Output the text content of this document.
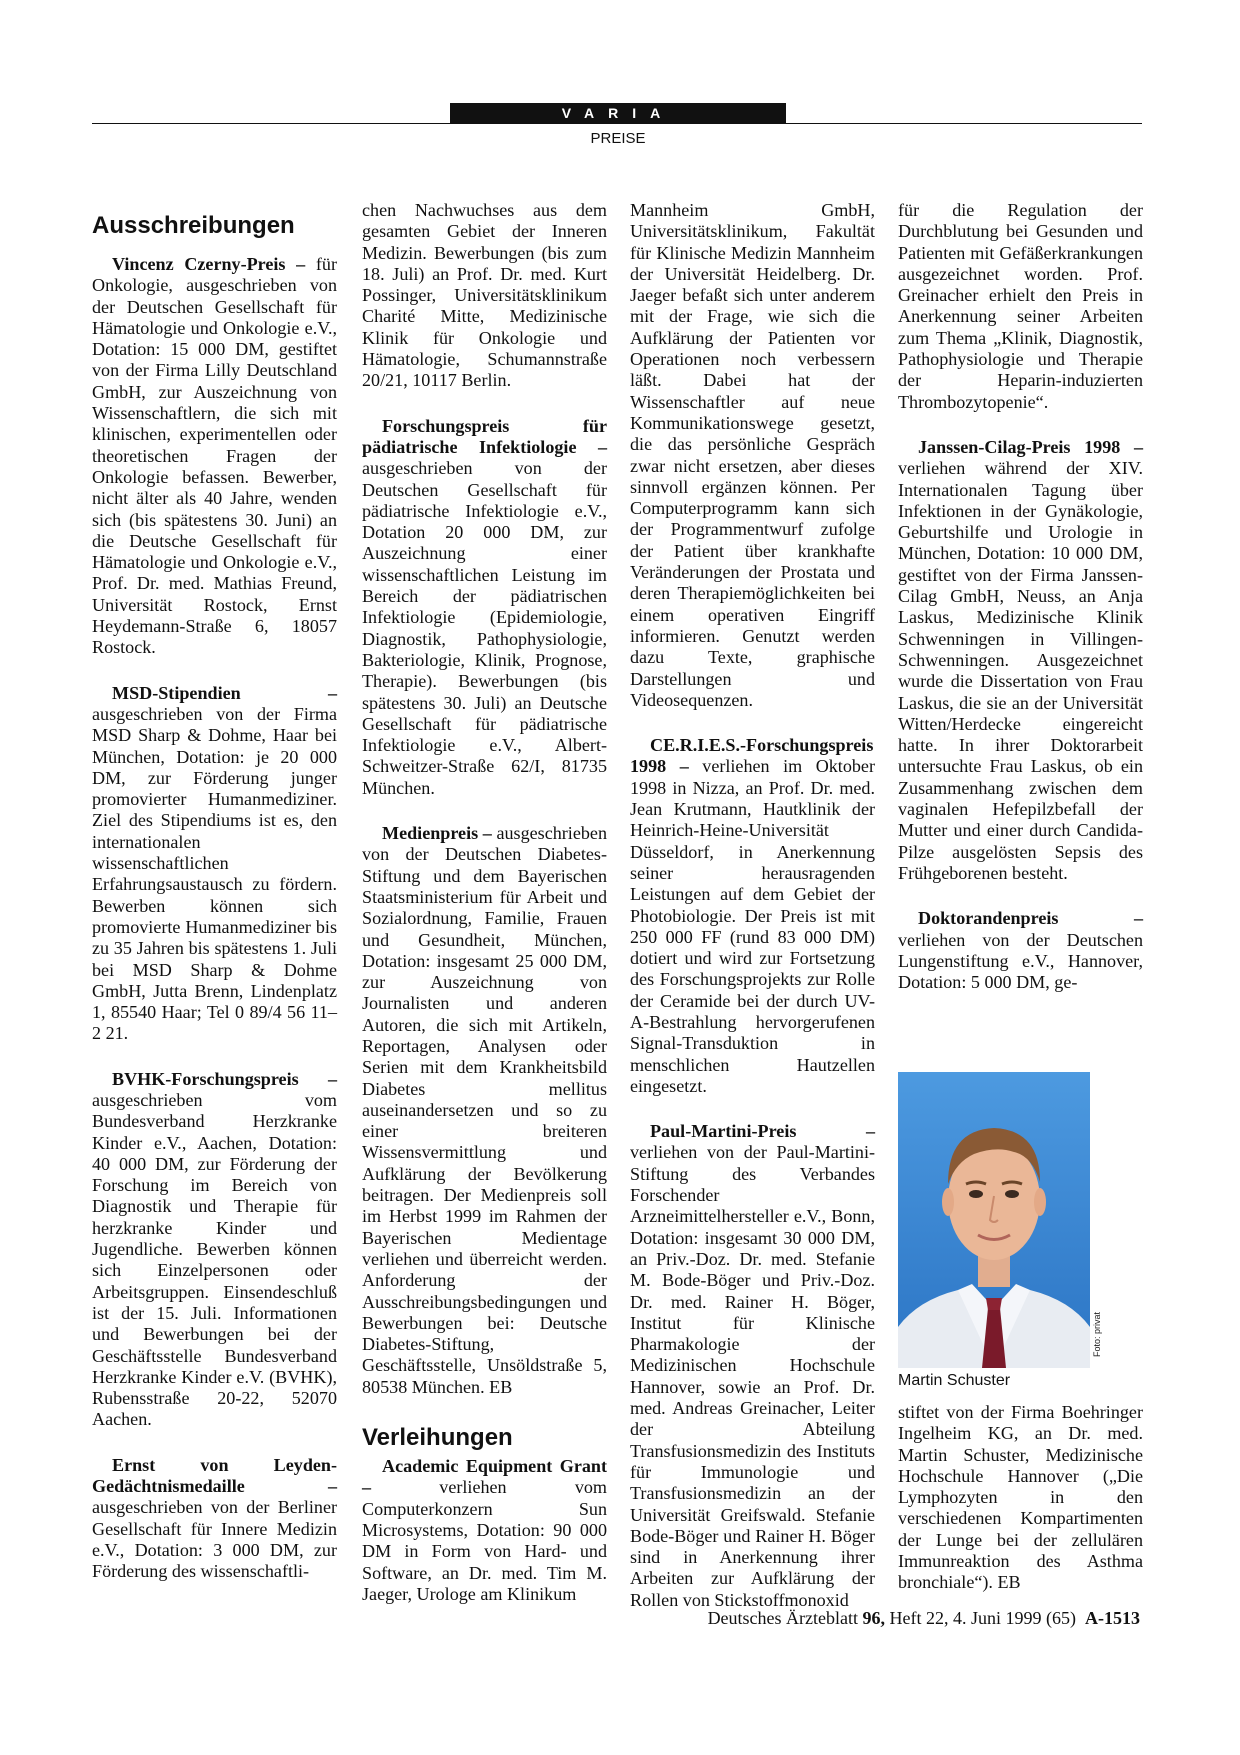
VARIA
PREISE
Ausschreibungen

Vincenz Czerny-Preis – für Onkologie, ausgeschrieben von der Deutschen Gesellschaft für Hämatologie und Onkologie e.V., Dotation: 15 000 DM, gestiftet von der Firma Lilly Deutschland GmbH, zur Auszeichnung von Wissenschaftlern, die sich mit klinischen, experimentellen oder theoretischen Fragen der Onkologie befassen. Bewerber, nicht älter als 40 Jahre, wenden sich (bis spätestens 30. Juni) an die Deutsche Gesellschaft für Hämatologie und Onkologie e.V., Prof. Dr. med. Mathias Freund, Universität Rostock, Ernst Heydemann-Straße 6, 18057 Rostock.

MSD-Stipendien – ausgeschrieben von der Firma MSD Sharp & Dohme, Haar bei München, Dotation: je 20 000 DM, zur Förderung junger promovierter Humanmediziner. Ziel des Stipendiums ist es, den internationalen wissenschaftlichen Erfahrungsaustausch zu fördern. Bewerben können sich promovierte Humanmediziner bis zu 35 Jahren bis spätestens 1. Juli bei MSD Sharp & Dohme GmbH, Jutta Brenn, Lindenplatz 1, 85540 Haar; Tel 0 89/4 56 11–2 21.

BVHK-Forschungspreis – ausgeschrieben vom Bundesverband Herzkranke Kinder e.V., Aachen, Dotation: 40 000 DM, zur Förderung der Forschung im Bereich von Diagnostik und Therapie für herzkranke Kinder und Jugendliche. Bewerben können sich Einzelpersonen oder Arbeitsgruppen. Einsendeschluß ist der 15. Juli. Informationen und Bewerbungen bei der Geschäftsstelle Bundesverband Herzkranke Kinder e.V. (BVHK), Rubensstraße 20-22, 52070 Aachen.

Ernst von Leyden-Gedächtnismedaille – ausgeschrieben von der Berliner Gesellschaft für Innere Medizin e.V., Dotation: 3 000 DM, zur Förderung des wissenschaftli-

chen Nachwuchses aus dem gesamten Gebiet der Inneren Medizin. Bewerbungen (bis zum 18. Juli) an Prof. Dr. med. Kurt Possinger, Universitätsklinikum Charité Mitte, Medizinische Klinik für Onkologie und Hämatologie, Schumannstraße 20/21, 10117 Berlin.

Forschungspreis für pädiatrische Infektiologie – ausgeschrieben von der Deutschen Gesellschaft für pädiatrische Infektiologie e.V., Dotation 20 000 DM, zur Auszeichnung einer wissenschaftlichen Leistung im Bereich der pädiatrischen Infektiologie (Epidemiologie, Diagnostik, Pathophysiologie, Bakteriologie, Klinik, Prognose, Therapie). Bewerbungen (bis spätestens 30. Juli) an Deutsche Gesellschaft für pädiatrische Infektiologie e.V., Albert-Schweitzer-Straße 62/I, 81735 München.

Medienpreis – ausgeschrieben von der Deutschen Diabetes-Stiftung und dem Bayerischen Staatsministerium für Arbeit und Sozialordnung, Familie, Frauen und Gesundheit, München, Dotation: insgesamt 25 000 DM, zur Auszeichnung von Journalisten und anderen Autoren, die sich mit Artikeln, Reportagen, Analysen oder Serien mit dem Krankheitsbild Diabetes mellitus auseinandersetzen und so zu einer breiteren Wissensvermittlung und Aufklärung der Bevölkerung beitragen. Der Medienpreis soll im Herbst 1999 im Rahmen der Bayerischen Medientage verliehen und überreicht werden. Anforderung der Ausschreibungsbedingungen und Bewerbungen bei: Deutsche Diabetes-Stiftung, Geschäftsstelle, Unsöldstraße 5, 80538 München. EB

Verleihungen

Academic Equipment Grant –	verliehen vom Computerkonzern Sun Microsystems, Dotation: 90 000 DM in Form von Hard- und Software, an Dr. med. Tim M. Jaeger, Urologe am Klinikum

Mannheim GmbH, Universitätsklinikum, Fakultät für Klinische Medizin Mannheim der Universität Heidelberg. Dr. Jaeger befaßt sich unter anderem mit der Frage, wie sich die Aufklärung der Patienten vor Operationen noch verbessern läßt. Dabei hat der Wissenschaftler auf neue Kommunikationswege gesetzt, die das persönliche Gespräch zwar nicht ersetzen, aber dieses sinnvoll ergänzen können. Per Computerprogramm kann sich der Programmentwurf zufolge der Patient über krankhafte Veränderungen der Prostata und deren Therapiemöglichkeiten bei einem operativen Eingriff informieren. Genutzt werden dazu Texte, graphische Darstellungen und Videosequenzen.

CE.R.I.E.S.-Forschungspreis 1998 – verliehen im Oktober 1998 in Nizza, an Prof. Dr. med. Jean Krutmann, Hautklinik der Heinrich-Heine-Universität Düsseldorf, in Anerkennung seiner herausragenden Leistungen auf dem Gebiet der Photobiologie. Der Preis ist mit 250 000 FF (rund 83 000 DM) dotiert und wird zur Fortsetzung des Forschungsprojekts zur Rolle der Ceramide bei der durch UV-A-Bestrahlung hervorgerufenen Signal-Transduktion in menschlichen Hautzellen eingesetzt.

Paul-Martini-Preis – verliehen von der Paul-Martini-Stiftung des Verbandes Forschender Arzneimittelhersteller e.V., Bonn, Dotation: insgesamt 30 000 DM, an Priv.-Doz. Dr. med. Stefanie M. Bode-Böger und Priv.-Doz. Dr. med. Rainer H. Böger, Institut für Klinische Pharmakologie der Medizinischen Hochschule Hannover, sowie an Prof. Dr. med. Andreas Greinacher, Leiter der Abteilung Transfusionsmedizin des Instituts für Immunologie und Transfusionsmedizin an der Universität Greifswald. Stefanie Bode-Böger und Rainer H. Böger sind in Anerkennung ihrer Arbeiten zur Aufklärung der Rollen von Stickstoffmonoxid

für die Regulation der Durchblutung bei Gesunden und Patienten mit Gefäßerkrankungen ausgezeichnet worden. Prof. Greinacher erhielt den Preis in Anerkennung seiner Arbeiten zum Thema „Klinik, Diagnostik, Pathophysiologie und Therapie der Heparin-induzierten Thrombozytopenie“.

Janssen-Cilag-Preis 1998 – verliehen während der XIV. Internationalen Tagung über Infektionen in der Gynäkologie, Geburtshilfe und Urologie in München, Dotation: 10 000 DM, gestiftet von der Firma Janssen-Cilag GmbH, Neuss, an Anja Laskus, Medizinische Klinik Schwenningen in Villingen-Schwenningen. Ausgezeichnet wurde die Dissertation von Frau Laskus, die sie an der Universität Witten/Herdecke eingereicht hatte. In ihrer Doktorarbeit untersuchte Frau Laskus, ob ein Zusammenhang zwischen dem vaginalen Hefepilzbefall der Mutter und einer durch Candida-Pilze ausgelösten Sepsis des Frühgeborenen besteht.

Doktorandenpreis – verliehen von der Deutschen Lungenstiftung e.V., Hannover, Dotation: 5 000 DM, ge-

Foto: privat
Martin Schuster

stiftet von der Firma Boehringer Ingelheim KG, an Dr. med. Martin Schuster, Medizinische Hochschule Hannover („Die Lymphozyten in den verschiedenen Kompartimenten der Lunge bei der zellulären Immunreaktion des Asthma bronchiale“). EB

Deutsches Ärzteblatt 96, Heft 22, 4. Juni 1999 (65) A-1513
